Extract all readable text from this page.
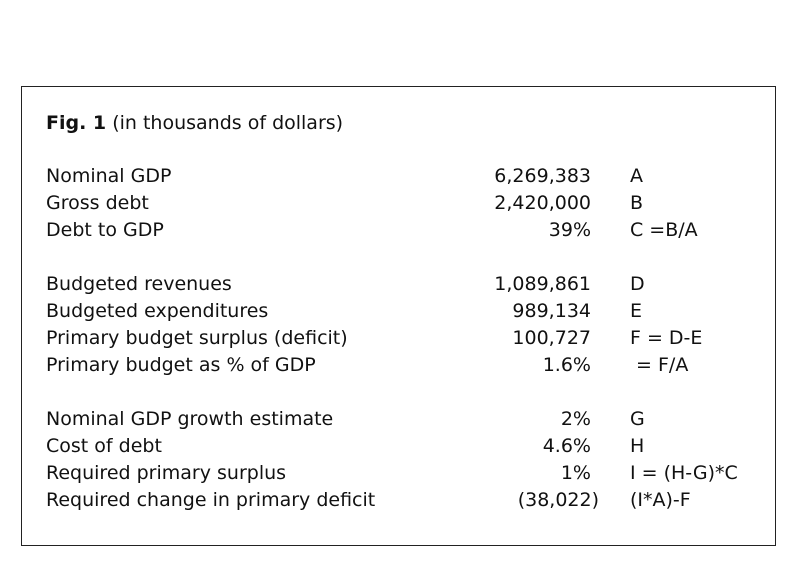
Fig. 1 (in thousands of dollars)
Nominal GDP	6,269,383 A
Gross debt	2,420,000 B
Debt to GDP	39% C =B/A
Budgeted revenues	1,089,861 D
Budgeted expenditures	989,134 E
Primary budget surplus (deficit)	100,727 F = D-E
Primary budget as % of GDP	1.6% = F/A
Nominal GDP growth estimate	2% G
Cost of debt	4.6% H
Required primary surplus	1% I = (H-G)*C
Required change in primary deficit	(38,022) (I*A)-F
